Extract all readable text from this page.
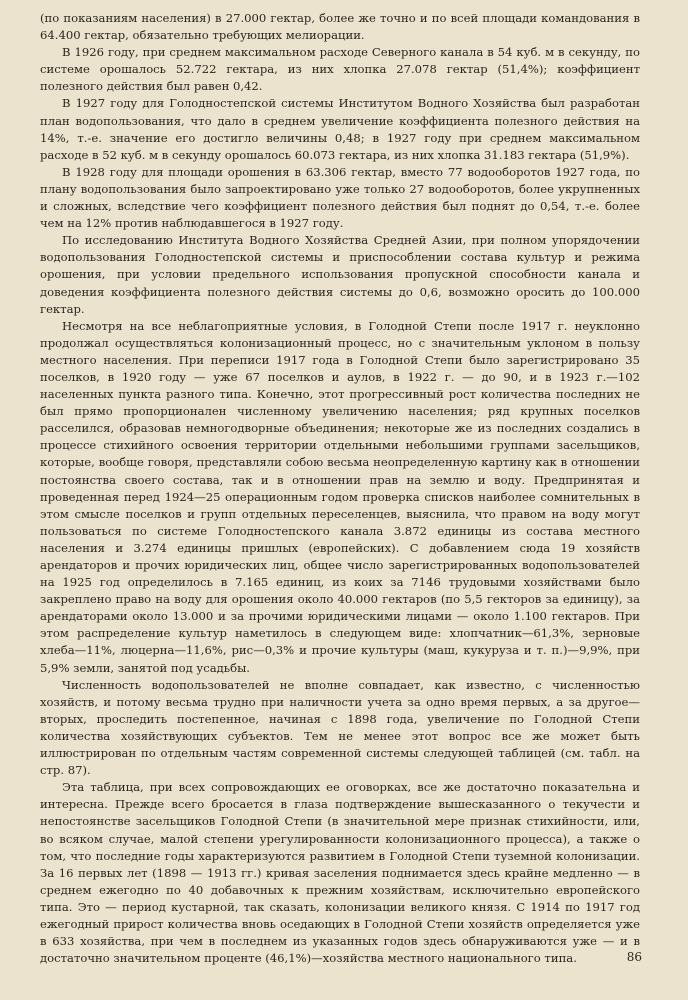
(по показаниям населения) в 27.000 гектар, более же точно и по всей площади командования в 64.400 гектар, обязательно требующих мелиорации.

В 1926 году, при среднем максимальном расходе Северного канала в 54 куб. м в секунду, по системе орошалось 52.722 гектара, из них хлопка 27.078 гектар (51,4%); коэффициент полезного действия был равен 0,42.

В 1927 году для Голодностепской системы Институтом Водного Хозяйства был разработан план водопользования, что дало в среднем увеличение коэффициента полезного действия на 14%, т.-е. значение его достигло величины 0,48; в 1927 году при среднем максимальном расходе в 52 куб. м в секунду орошалось 60.073 гектара, из них хлопка 31.183 гектара (51,9%).

В 1928 году для площади орошения в 63.306 гектар, вместо 77 водооборотов 1927 года, по плану водопользования было запроектировано уже только 27 водооборотов, более укрупненных и сложных, вследствие чего коэффициент полезного действия был поднят до 0,54, т.-е. более чем на 12% против наблюдавшегося в 1927 году.

По исследованию Института Водного Хозяйства Средней Азии, при полном упорядочении водопользования Голодностепской системы и приспособлении состава культур и режима орошения, при условии предельного использования пропускной способности канала и доведения коэффициента полезного действия системы до 0,6, возможно оросить до 100.000 гектар.

Несмотря на все неблагоприятные условия, в Голодной Степи после 1917 г. неуклонно продолжал осуществляться колонизационный процесс, но с значительным уклоном в пользу местного населения. При переписи 1917 года в Голодной Степи было зарегистрировано 35 поселков, в 1920 году — уже 67 поселков и аулов, в 1922 г. — до 90, и в 1923 г.—102 населенных пункта разного типа. Конечно, этот прогрессивный рост количества последних не был прямо пропорционален численному увеличению населения; ряд крупных поселков расселился, образовав немногодворные объединения; некоторые же из последних создались в процессе стихийного освоения территории отдельными небольшими группами засельщиков, которые, вообще говоря, представляли собою весьма неопределенную картину как в отношении постоянства своего состава, так и в отношении прав на землю и воду. Предпринятая и проведенная перед 1924—25 операционным годом проверка списков наиболее сомнительных в этом смысле поселков и групп отдельных переселенцев, выяснила, что правом на воду могут пользоваться по системе Голодностепского канала 3.872 единицы из состава местного населения и 3.274 единицы пришлых (европейских). С добавлением сюда 19 хозяйств арендаторов и прочих юридических лиц, общее число зарегистрированных водопользователей на 1925 год определилось в 7.165 единиц, из коих за 7146 трудовыми хозяйствами было закреплено право на воду для орошения около 40.000 гектаров (по 5,5 гекторов за единицу), за арендаторами около 13.000 и за прочими юридическими лицами — около 1.100 гектаров. При этом распределение культур наметилось в следующем виде: хлопчатник—61,3%, зерновые хлеба—11%, люцерна—11,6%, рис—0,3% и прочие культуры (маш, кукуруза и т. п.)—9,9%, при 5,9% земли, занятой под усадьбы.

Численность водопользователей не вполне совпадает, как известно, с численностью хозяйств, и потому весьма трудно при наличности учета за одно время первых, а за другое—вторых, проследить постепенное, начиная с 1898 года, увеличение по Голодной Степи количества хозяйствующих субъектов. Тем не менее этот вопрос все же может быть иллюстрирован по отдельным частям современной системы следующей таблицей (см. табл. на стр. 87).

Эта таблица, при всех сопровождающих ее оговорках, все же достаточно показательна и интересна. Прежде всего бросается в глаза подтверждение вышесказанного о текучести и непостоянстве засельщиков Голодной Степи (в значительной мере признак стихийности, или, во всяком случае, малой степени урегулированности колонизационного процесса), а также о том, что последние годы характеризуются развитием в Голодной Степи туземной колонизации. За 16 первых лет (1898 — 1913 гг.) кривая заселения поднимается здесь крайне медленно — в среднем ежегодно по 40 добавочных к прежним хозяйствам, исключительно европейского типа. Это — период кустарной, так сказать, колонизации великого князя. С 1914 по 1917 год ежегодный прирост количества вновь оседающих в Голодной Степи хозяйств определяется уже в 633 хозяйства, при чем в последнем из указанных годов здесь обнаруживаются уже — и в достаточно значительном проценте (46,1%)—хозяйства местного национального типа.	86
